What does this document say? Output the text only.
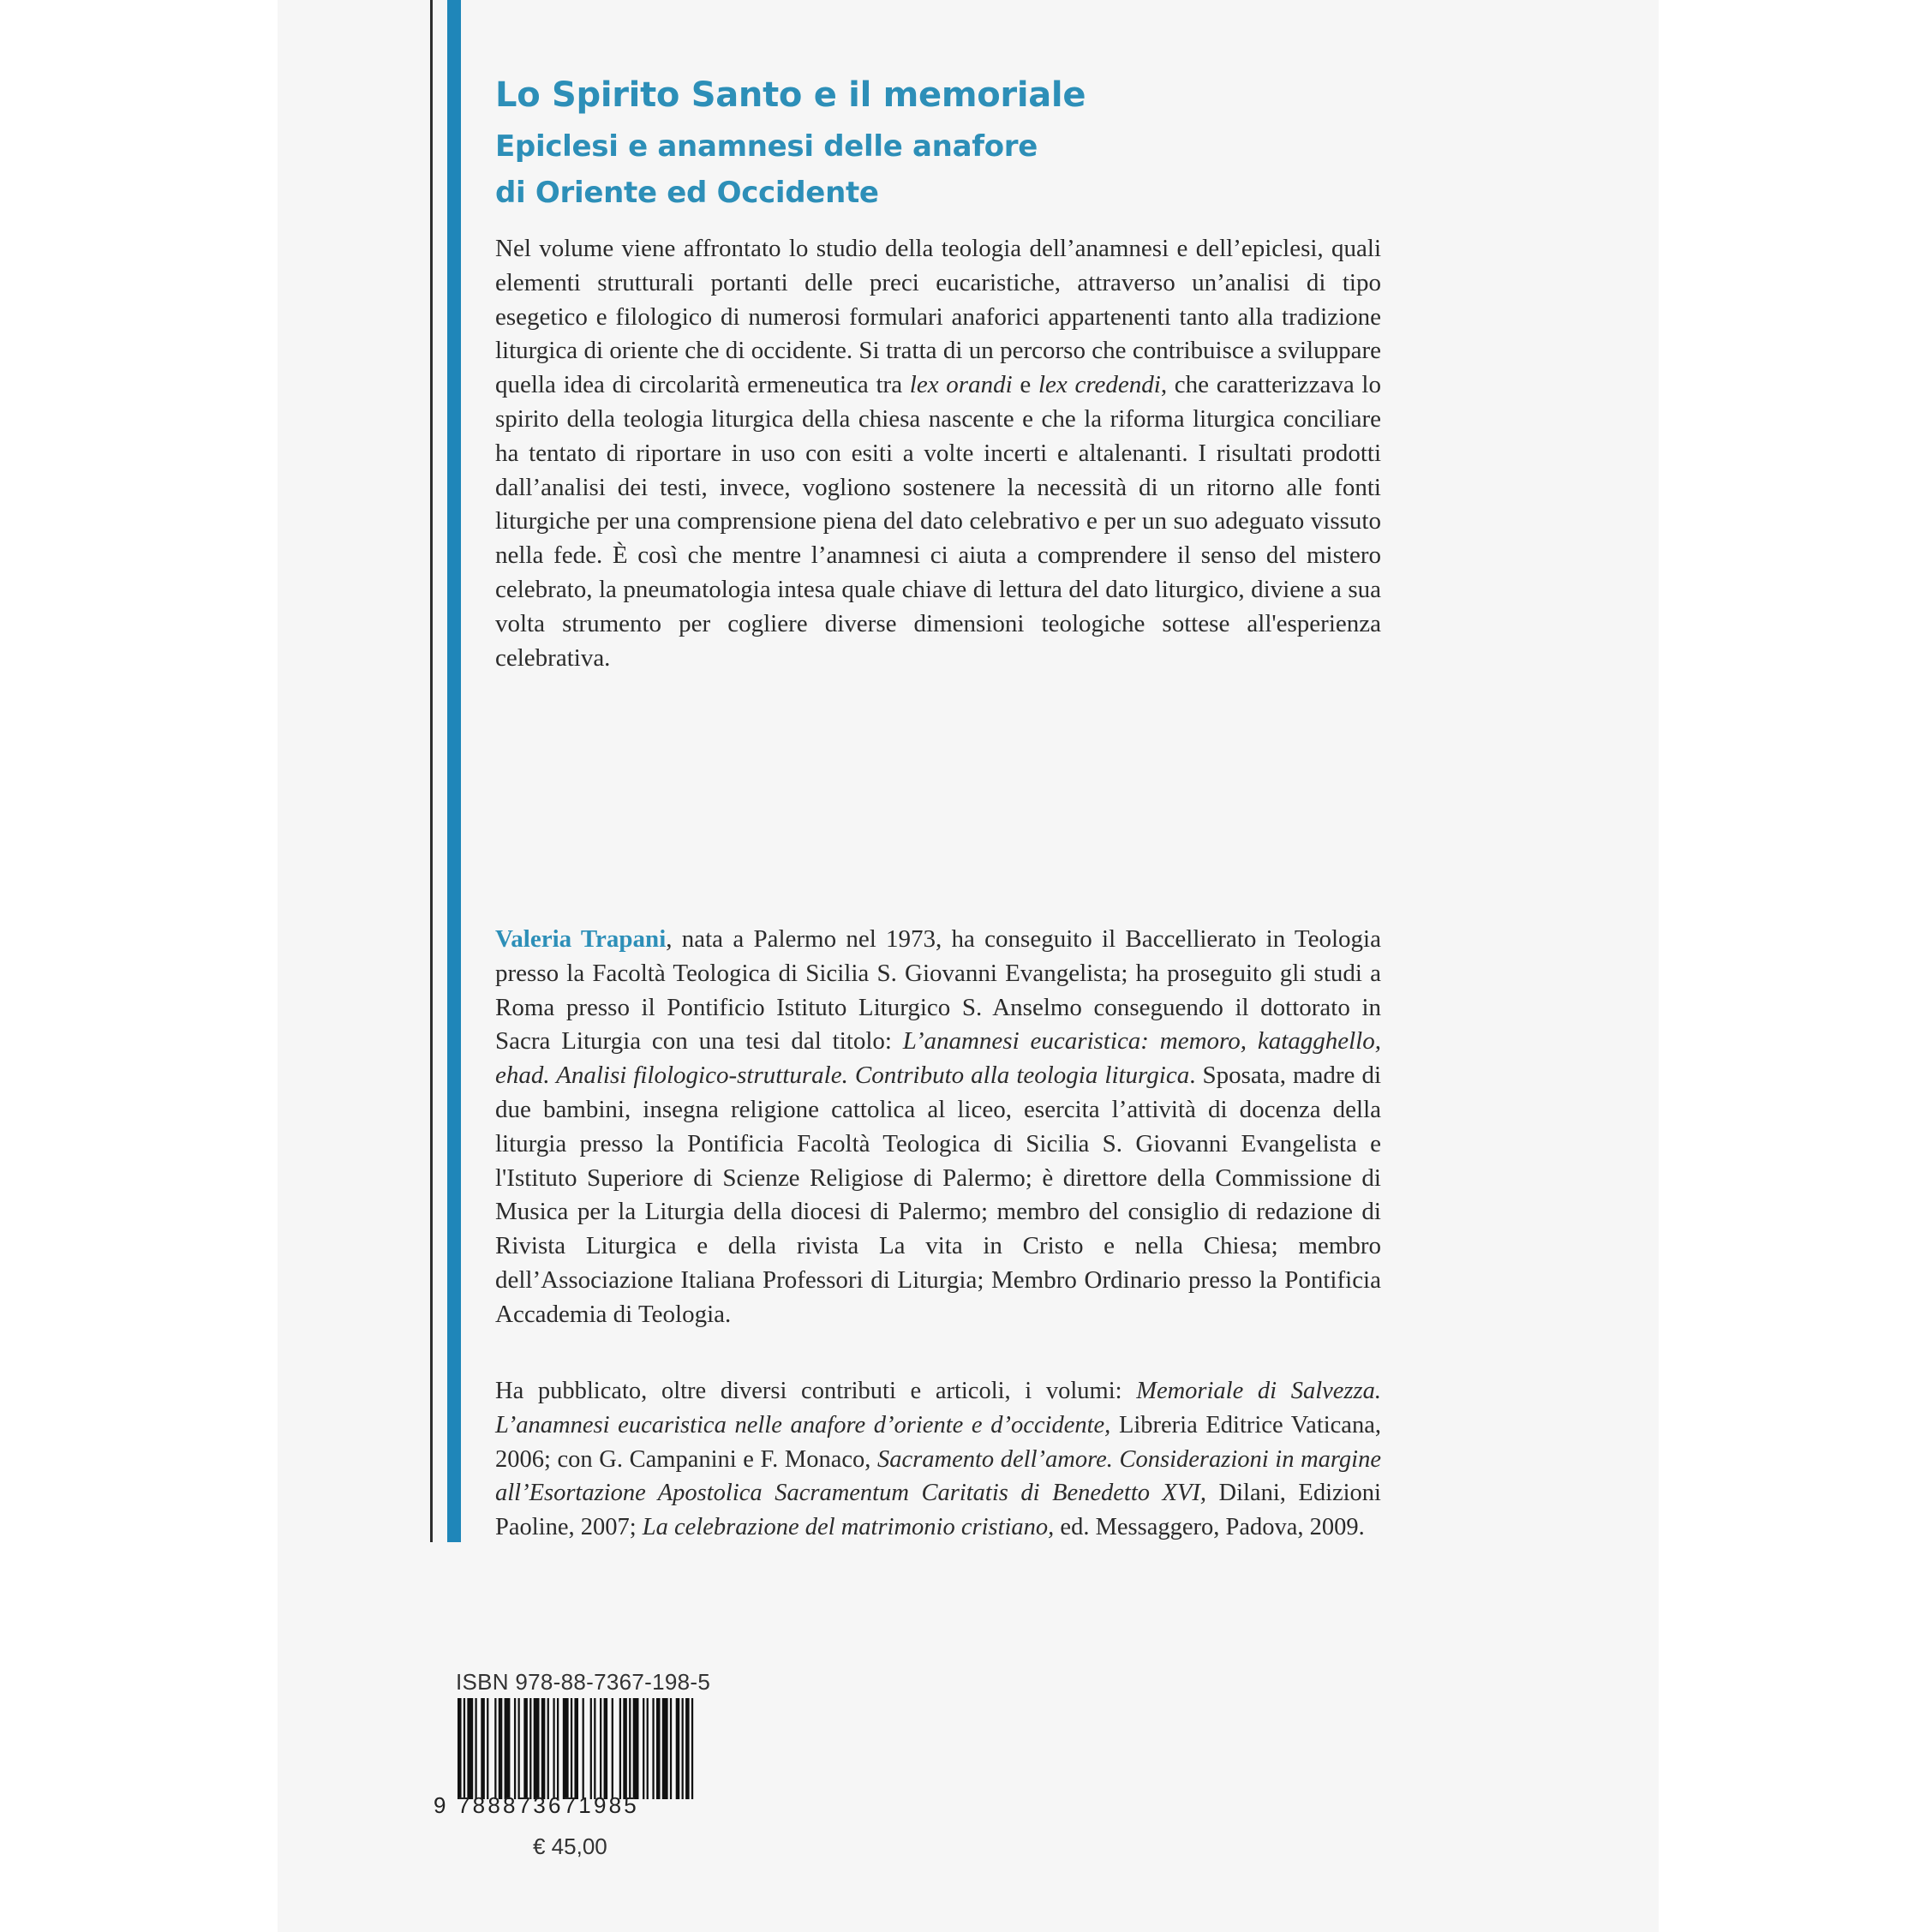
Lo Spirito Santo e il memoriale
Epiclesi e anamnesi delle anafore
di Oriente ed Occidente

Nel volume viene affrontato lo studio della teologia dell’anamnesi e dell’epiclesi, quali elementi strutturali portanti delle preci eucaristiche, attraverso un’analisi di tipo esegetico e filologico di numerosi formulari anaforici appartenenti tanto alla tradizione liturgica di oriente che di occidente. Si tratta di un percorso che contribuisce a sviluppare quella idea di circolarità ermeneutica tra lex orandi e lex credendi, che caratterizzava lo spirito della teologia liturgica della chiesa nascente e che la riforma liturgica conciliare ha tentato di riportare in uso con esiti a volte incerti e altalenanti. I risultati prodotti dall’analisi dei testi, invece, vogliono sostenere la necessità di un ritorno alle fonti liturgiche per una comprensione piena del dato celebrativo e per un suo adeguato vissuto nella fede. È così che mentre l’anamnesi ci aiuta a comprendere il senso del mistero celebrato, la pneumatologia intesa quale chiave di lettura del dato liturgico, diviene a sua volta strumento per cogliere diverse dimensioni teologiche sottese all'esperienza celebrativa.

Valeria Trapani, nata a Palermo nel 1973, ha conseguito il Baccellierato in Teologia presso la Facoltà Teologica di Sicilia S. Giovanni Evangelista; ha proseguito gli studi a Roma presso il Pontificio Istituto Liturgico S. Anselmo conseguendo il dottorato in Sacra Liturgia con una tesi dal titolo: L’anamnesi eucaristica: memoro, katagghello, ehad. Analisi filologico-strutturale. Contributo alla teologia liturgica. Sposata, madre di due bambini, insegna religione cattolica al liceo, esercita l’attività di docenza della liturgia presso la Pontificia Facoltà Teologica di Sicilia S. Giovanni Evangelista e l'Istituto Superiore di Scienze Religiose di Palermo; è direttore della Commissione di Musica per la Liturgia della diocesi di Palermo; membro del consiglio di redazione di Rivista Liturgica e della rivista La vita in Cristo e nella Chiesa; membro dell’Associazione Italiana Professori di Liturgia; Membro Ordinario presso la Pontificia Accademia di Teologia.

Ha pubblicato, oltre diversi contributi e articoli, i volumi: Memoriale di Salvezza. L’anamnesi eucaristica nelle anafore d’oriente e d’occidente, Libreria Editrice Vaticana, 2006; con G. Campanini e F. Monaco, Sacramento dell’amore. Considerazioni in margine all’Esortazione Apostolica Sacramentum Caritatis di Benedetto XVI, Dilani, Edizioni Paoline, 2007; La celebrazione del matrimonio cristiano, ed. Messaggero, Padova, 2009.

ISBN 978-88-7367-198-5
9 788873671985
€ 45,00
